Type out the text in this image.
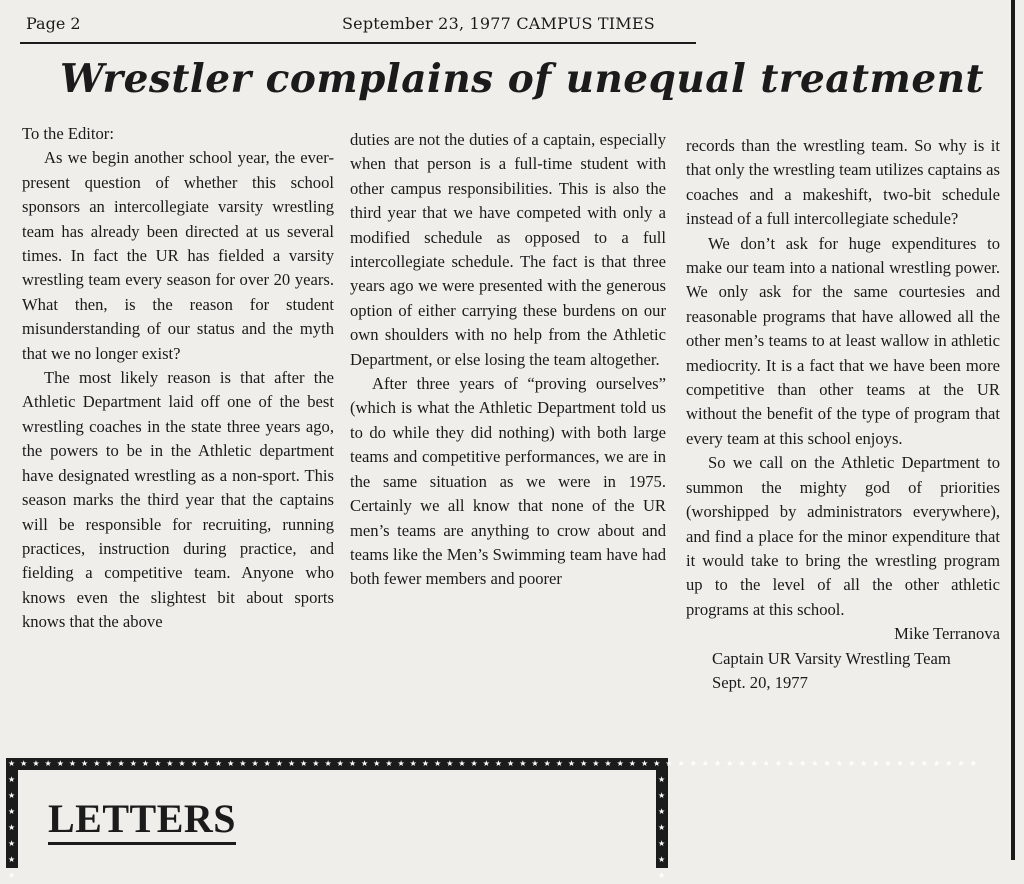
Page 2	September 23, 1977 CAMPUS TIMES
Wrestler complains of unequal treatment

To the Editor:

As we begin another school year, the ever-present question of whether this school sponsors an intercollegiate varsity wrestling team has already been directed at us several times. In fact the UR has fielded a varsity wrestling team every season for over 20 years. What then, is the reason for student misunderstanding of our status and the myth that we no longer exist?

The most likely reason is that after the Athletic Department laid off one of the best wrestling coaches in the state three years ago, the powers to be in the Athletic department have designated wrestling as a non-sport. This season marks the third year that the captains will be responsible for recruiting, running practices, instruction during practice, and fielding a competitive team. Anyone who knows even the slightest bit about sports knows that the above

duties are not the duties of a captain, especially when that person is a full-time student with other campus responsibilities. This is also the third year that we have competed with only a modified schedule as opposed to a full intercollegiate schedule. The fact is that three years ago we were presented with the generous option of either carrying these burdens on our own shoulders with no help from the Athletic Department, or else losing the team altogether.

After three years of “proving ourselves” (which is what the Athletic Department told us to do while they did nothing) with both large teams and competitive performances, we are in the same situation as we were in 1975. Certainly we all know that none of the UR men’s teams are anything to crow about and teams like the Men’s Swimming team have had both fewer members and poorer

records than the wrestling team. So why is it that only the wrestling team utilizes captains as coaches and a makeshift, two-bit schedule instead of a full intercollegiate schedule?

We don’t ask for huge expenditures to make our team into a national wrestling power. We only ask for the same courtesies and reasonable programs that have allowed all the other men’s teams to at least wallow in athletic mediocrity. It is a fact that we have been more competitive than other teams at the UR without the benefit of the type of program that every team at this school enjoys.

So we call on the Athletic Department to summon the mighty god of priorities (worshipped by administrators everywhere), and find a place for the minor expenditure that it would take to bring the wrestling program up to the level of all the other athletic programs at this school.

Mike Terranova

Captain UR Varsity Wrestling Team

Sept. 20, 1977

★★★★★★★★★★★★★★★★★★★★★★★★★★★★★★★★★★★★★★★★★★★★★★★★★★★★★★★★★★★★★★★★★★★★★★★★★★★★★★★★
★★★★★★★
★★★★★★★
LETTERS
